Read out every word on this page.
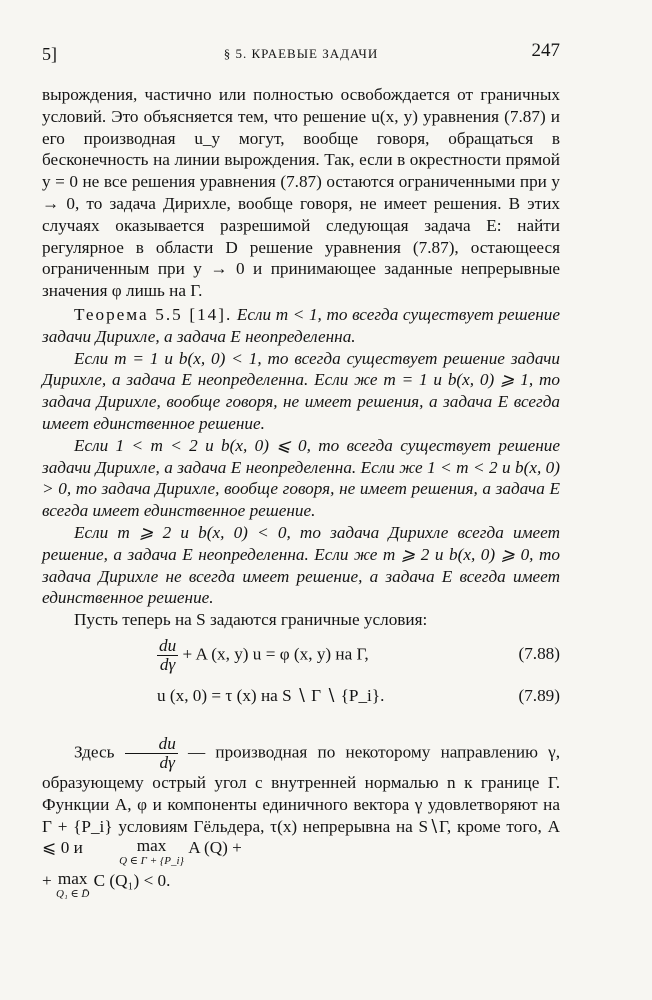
5]	§ 5. КРАЕВЫЕ ЗАДАЧИ	247

вырождения, частично или полностью освобождается от граничных условий. Это объясняется тем, что решение u(x, y) уравнения (7.87) и его производная u_y могут, вообще говоря, обращаться в бесконечность на линии вырождения. Так, если в окрестности прямой y = 0 не все решения уравнения (7.87) остаются ограниченными при y → 0, то задача Дирихле, вообще говоря, не имеет решения. В этих случаях оказывается разрешимой следующая задача E: найти регулярное в области D решение уравнения (7.87), остающееся ограниченным при y → 0 и принимающее заданные непрерывные значения φ лишь на Γ.

Теорема 5.5 [14]. Если m < 1, то всегда существует решение задачи Дирихле, а задача E неопределенна.

Если m = 1 и b(x, 0) < 1, то всегда существует решение задачи Дирихле, а задача E неопределенна. Если же m = 1 и b(x, 0) ⩾ 1, то задача Дирихле, вообще говоря, не имеет решения, а задача E всегда имеет единственное решение.

Если 1 < m < 2 и b(x, 0) ⩽ 0, то всегда существует решение задачи Дирихле, а задача E неопределенна. Если же 1 < m < 2 и b(x, 0) > 0, то задача Дирихле, вообще говоря, не имеет решения, а задача E всегда имеет единственное решение.

Если m ⩾ 2 и b(x, 0) < 0, то задача Дирихле всегда имеет решение, а задача E неопределенна. Если же m ⩾ 2 и b(x, 0) ⩾ 0, то задача Дирихле не всегда имеет решение, а задача E всегда имеет единственное решение.

Пусть теперь на S задаются граничные условия:

$\frac{du}{d\gamma} + A$ (x, y) u = φ (x, y) на Γ,	(7.88)
u (x, 0) = τ (x) на S ∖ Γ ∖ {P_i}.	(7.89)

Здесь $\frac{du}{d\gamma}$ — производная по некоторому направлению γ, образующему острый угол с внутренней нормалью n к границе Γ. Функции A, φ и компоненты единичного вектора γ удовлетворяют на Γ + {P_i} условиям Гёльдера, τ(x) непрерывна на S∖Γ, кроме того, A ⩽ 0 и	max
Q ∈ Γ + {P_i}
A (Q) +

+ max
Q₁ ∈ D̄
C (Q₁) < 0.
